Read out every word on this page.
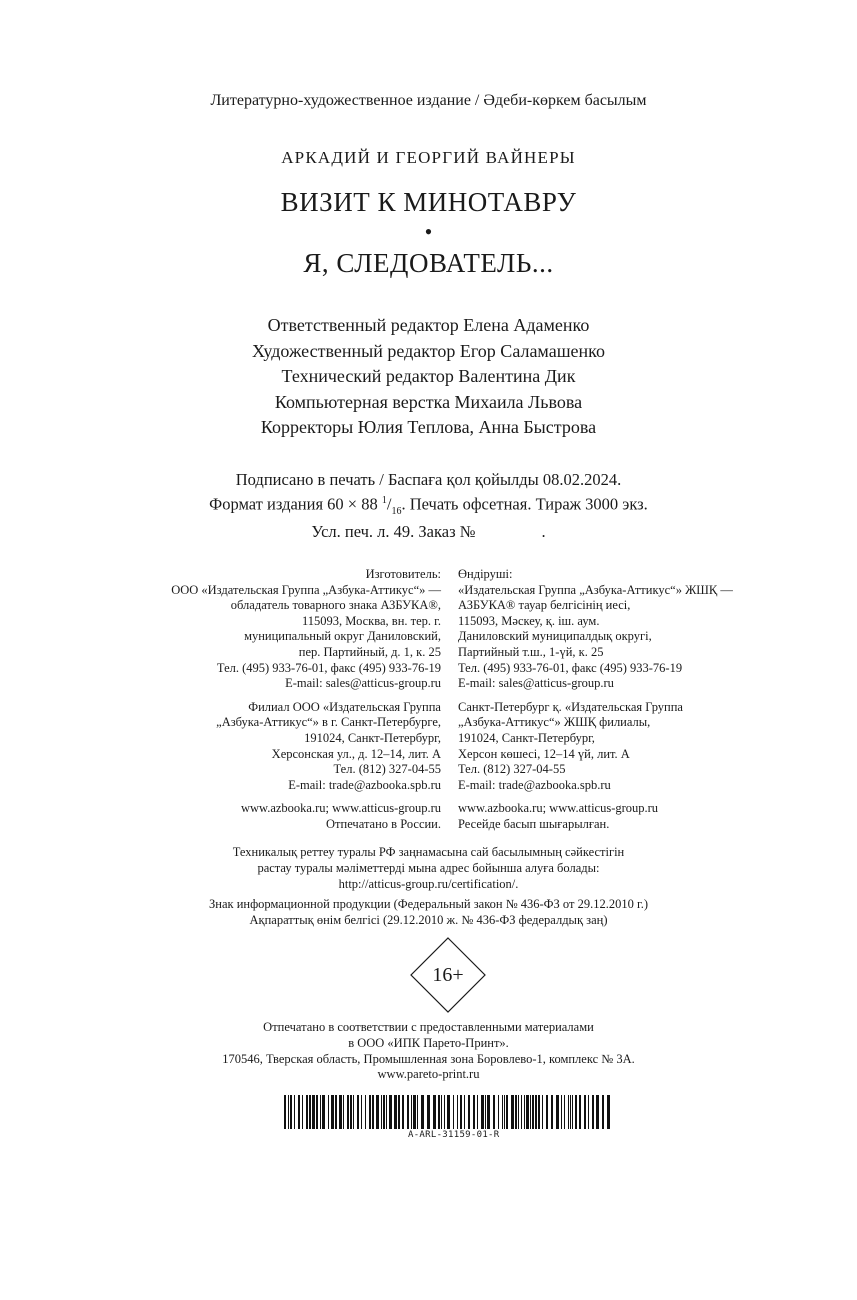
Литературно-художественное издание / Әдеби-көркем басылым
АРКАДИЙ И ГЕОРГИЙ ВАЙНЕРЫ
ВИЗИТ К МИНОТАВРУ
•
Я, СЛЕДОВАТЕЛЬ...
Ответственный редактор Елена Адаменко
Художественный редактор Егор Саламашенко
Технический редактор Валентина Дик
Компьютерная верстка Михаила Львова
Корректоры Юлия Теплова, Анна Быстрова
Подписано в печать / Баспаға қол қойылды 08.02.2024.
Формат издания 60 × 88 $^1/_{16}$. Печать офсетная. Тираж 3000 экз.
Усл. печ. л. 49. Заказ №                .
Изготовитель:
ООО «Издательская Группа „Азбука-Аттикус“» —
обладатель товарного знака АЗБУКА®,
115093, Москва, вн. тер. г.
муниципальный округ Даниловский,
пер. Партийный, д. 1, к. 25
Тел. (495) 933-76-01, факс (495) 933-76-19
E-mail: sales@atticus-group.ru
Филиал ООО «Издательская Группа
„Азбука-Аттикус“» в г. Санкт-Петербурге,
191024, Санкт-Петербург,
Херсонская ул., д. 12–14, лит. А
Тел. (812) 327-04-55
E-mail: trade@azbooka.spb.ru
www.azbooka.ru; www.atticus-group.ru
Отпечатано в России.
Өндіруші:
«Издательская Группа „Азбука-Аттикус“» ЖШҚ —
АЗБУКА® тауар белгісінің иесі,
115093, Мәскеу, қ. іш. аум.
Даниловский муниципалдық округі,
Партийный т.ш., 1-үй, к. 25
Тел. (495) 933-76-01, факс (495) 933-76-19
E-mail: sales@atticus-group.ru
Санкт-Петербург қ. «Издательская Группа
„Азбука-Аттикус“» ЖШҚ филиалы,
191024, Санкт-Петербург,
Херсон көшесі, 12–14 үй, лит. А
Тел. (812) 327-04-55
E-mail: trade@azbooka.spb.ru
www.azbooka.ru; www.atticus-group.ru
Ресейде басып шығарылған.
Техникалық реттеу туралы РФ заңнамасына сай басылымның сәйкестігін
растау туралы мәліметтерді мына адрес бойынша алуға болады:
http://atticus-group.ru/certification/.
Знак информационной продукции (Федеральный закон № 436-ФЗ от 29.12.2010 г.)
Ақпараттық өнім белгісі (29.12.2010 ж. № 436-ФЗ федералдық заң)
16+
Отпечатано в соответствии с предоставленными материалами
в ООО «ИПК Парето-Принт».
170546, Тверская область, Промышленная зона Боровлево-1, комплекс № 3А.
www.pareto-print.ru
A-ARL-31159-01-R
